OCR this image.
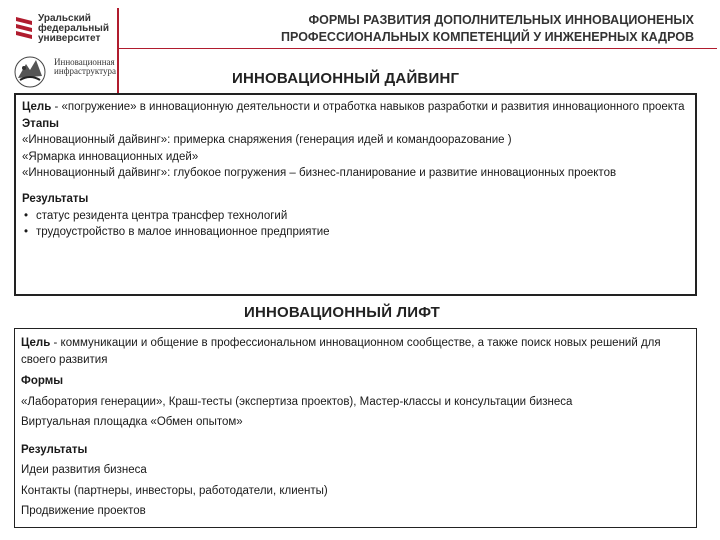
Уральский
федеральный
университет
Инновационная
инфраструктура
ФОРМЫ РАЗВИТИЯ ДОПОЛНИТЕЛЬНЫХ ИННОВАЦИОНЕНЫХ
ПРОФЕССИОНАЛЬНЫХ КОМПЕТЕНЦИЙ У ИНЖЕНЕРНЫХ КАДРОВ
ИННОВАЦИОННЫЙ ДАЙВИНГ
Цель - «погружение» в инновационную деятельности и отработка навыков разработки и развития инновационного проекта
Этапы
«Инновационный дайвинг»: примерка снаряжения (генерация идей и командоорazование )
«Ярмарка инновационных идей»
«Инновационный дайвинг»: глубокое погружения – бизнес-планирование и развитие инновационных проектов
Результаты
• статус резидента центра трансфер технологий
• трудоустройство в малое инновационное предприятие
ИННОВАЦИОННЫЙ ЛИФТ
Цель - коммуникации и общение в профессиональном инновационном сообществе, а также поиск новых решений для своего развития
Формы
«Лаборатория генерации», Краш-тесты (экспертиза проектов), Мастер-классы и консультации бизнеса
Виртуальная площадка «Обмен опытом»
Результаты
Идеи развития бизнеса
Контакты (партнеры, инвесторы, работодатели, клиенты)
Продвижение проектов
